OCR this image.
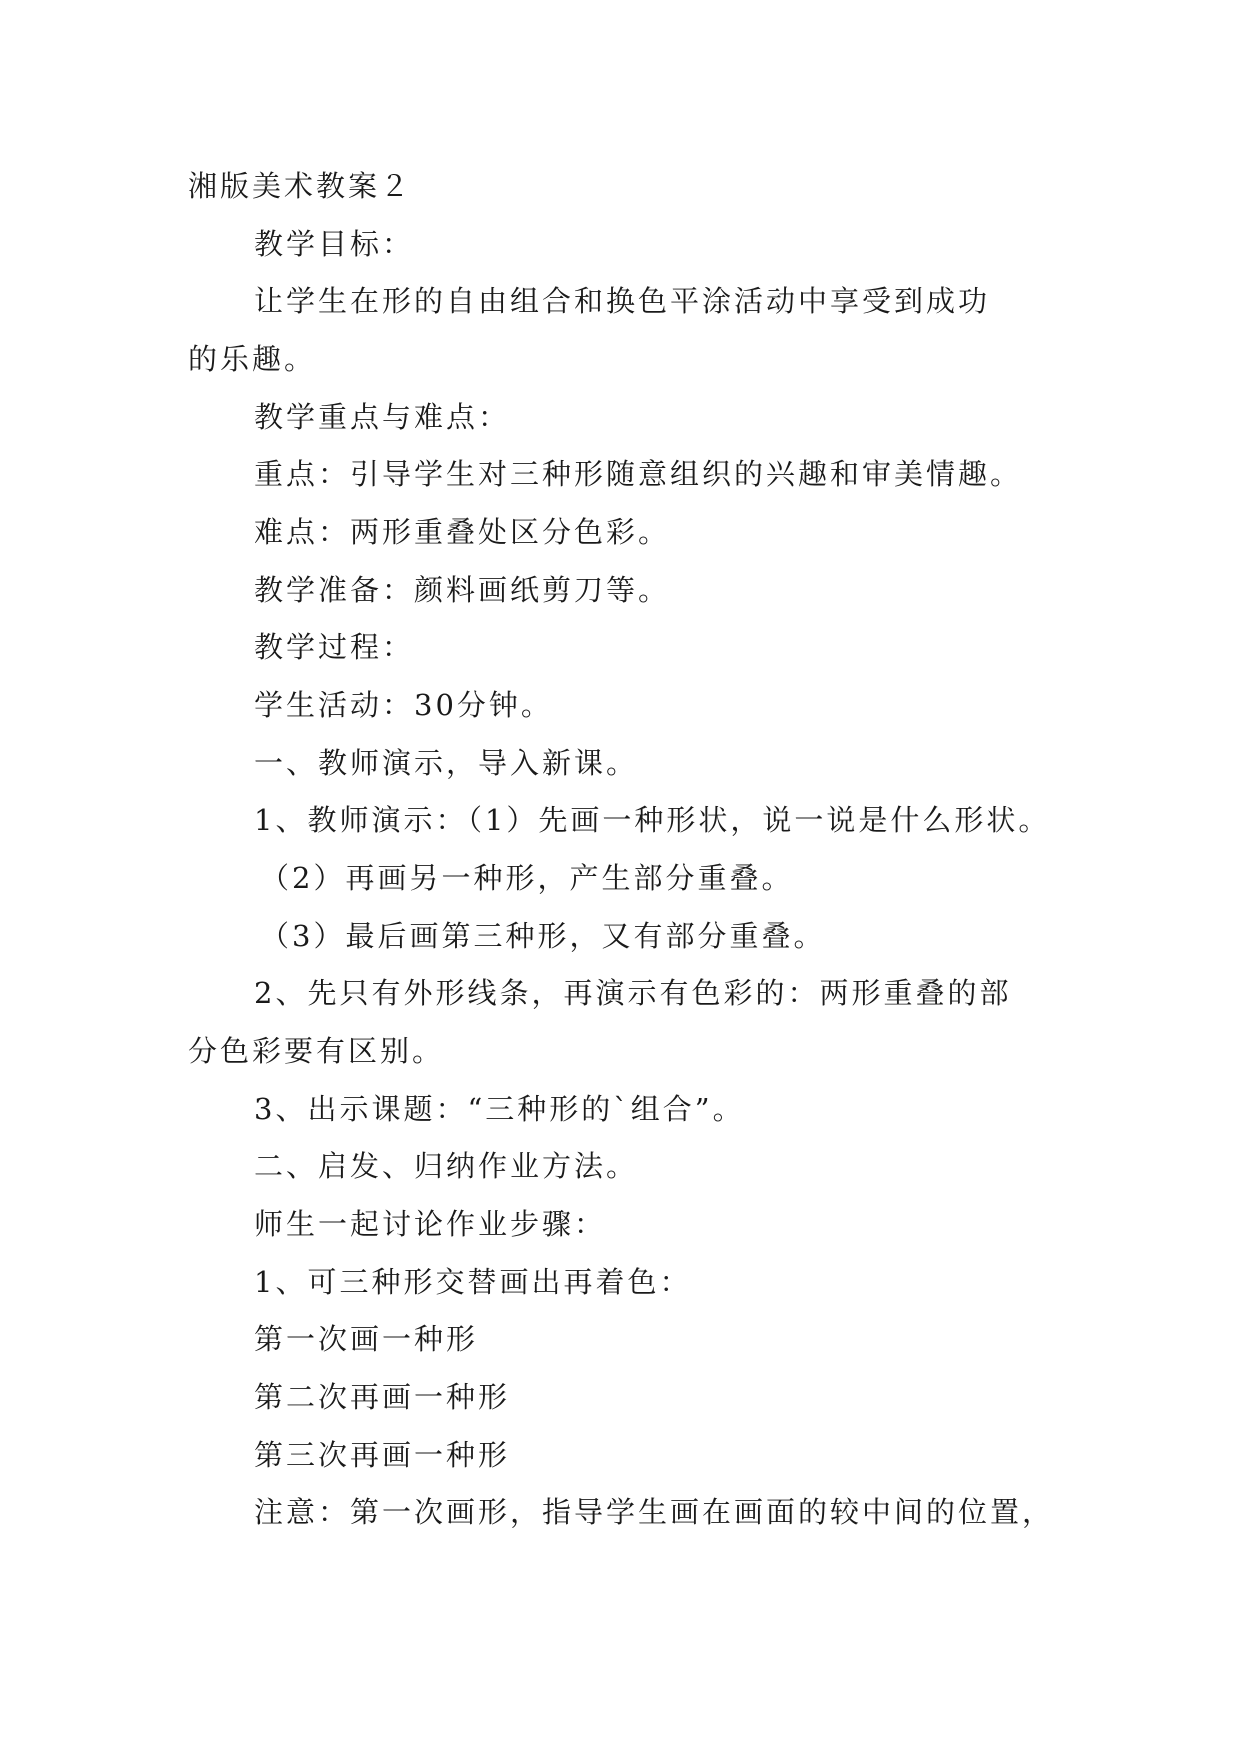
湘版美术教案２
教学目标：
让学生在形的自由组合和换色平涂活动中享受到成功
的乐趣。
教学重点与难点：
重点：引导学生对三种形随意组织的兴趣和审美情趣。
难点：两形重叠处区分色彩。
教学准备：颜料画纸剪刀等。
教学过程：
学生活动：30分钟。
一、教师演示，导入新课。
1、教师演示：（1）先画一种形状，说一说是什么形状。
（2）再画另一种形，产生部分重叠。
（3）最后画第三种形，又有部分重叠。
2、先只有外形线条，再演示有色彩的：两形重叠的部
分色彩要有区别。
3、出示课题：“三种形的`组合”。
二、启发、归纳作业方法。
师生一起讨论作业步骤：
1、可三种形交替画出再着色：
第一次画一种形
第二次再画一种形
第三次再画一种形
注意：第一次画形，指导学生画在画面的较中间的位置，
